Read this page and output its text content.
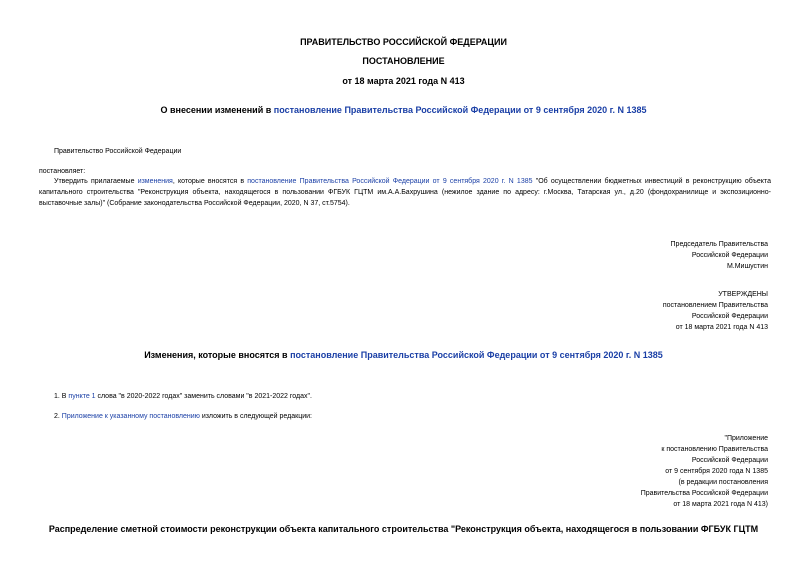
ПРАВИТЕЛЬСТВО РОССИЙСКОЙ ФЕДЕРАЦИИ
ПОСТАНОВЛЕНИЕ
от 18 марта 2021 года N 413
О внесении изменений в постановление Правительства Российской Федерации от 9 сентября 2020 г. N 1385
Правительство Российской Федерации
постановляет:
Утвердить прилагаемые изменения, которые вносятся в постановление Правительства Российской Федерации от 9 сентября 2020 г. N 1385 "Об осуществлении бюджетных инвестиций в реконструкцию объекта капитального строительства "Реконструкция объекта, находящегося в пользовании ФГБУК ГЦТМ им.А.А.Бахрушина (нежилое здание по адресу: г.Москва, Татарская ул., д.20 (фондохранилище и экспозиционно-выставочные залы)" (Собрание законодательства Российской Федерации, 2020, N 37, ст.5754).
Председатель Правительства
Российской Федерации
М.Мишустин
УТВЕРЖДЕНЫ
постановлением Правительства
Российской Федерации
от 18 марта 2021 года N 413
Изменения, которые вносятся в постановление Правительства Российской Федерации от 9 сентября 2020 г. N 1385
1. В пункте 1 слова "в 2020-2022 годах" заменить словами "в 2021-2022 годах".
2. Приложение к указанному постановлению изложить в следующей редакции:
"Приложение
к постановлению Правительства
Российской Федерации
от 9 сентября 2020 года N 1385
(в редакции постановления
Правительства Российской Федерации
от 18 марта 2021 года N 413)
Распределение сметной стоимости реконструкции объекта капитального строительства "Реконструкция объекта, находящегося в пользовании ФГБУК ГЦТМ
